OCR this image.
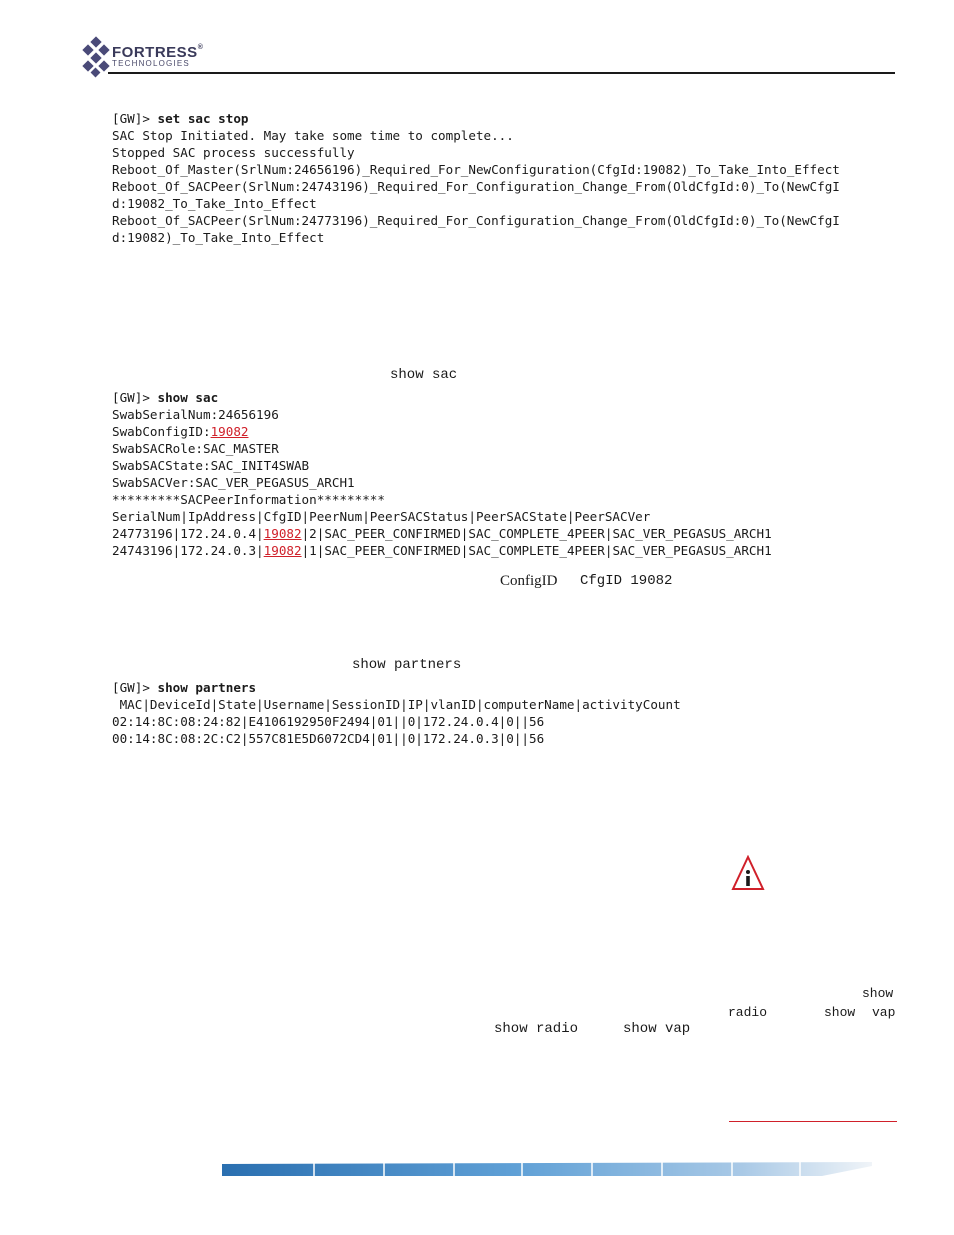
FORTRESS®
TECHNOLOGIES
[GW]> set sac stop
SAC Stop Initiated. May take some time to complete...
Stopped SAC process successfully
Reboot_Of_Master(SrlNum:24656196)_Required_For_NewConfiguration(CfgId:19082)_To_Take_Into_Effect
Reboot_Of_SACPeer(SrlNum:24743196)_Required_For_Configuration_Change_From(OldCfgId:0)_To(NewCfgI
d:19082_To_Take_Into_Effect
Reboot_Of_SACPeer(SrlNum:24773196)_Required_For_Configuration_Change_From(OldCfgId:0)_To(NewCfgI
d:19082)_To_Take_Into_Effect
show sac
[GW]> show sac
SwabSerialNum:24656196
SwabConfigID:19082
SwabSACRole:SAC_MASTER
SwabSACState:SAC_INIT4SWAB
SwabSACVer:SAC_VER_PEGASUS_ARCH1
*********SACPeerInformation*********
SerialNum|IpAddress|CfgID|PeerNum|PeerSACStatus|PeerSACState|PeerSACVer
24773196|172.24.0.4|19082|2|SAC_PEER_CONFIRMED|SAC_COMPLETE_4PEER|SAC_VER_PEGASUS_ARCH1
24743196|172.24.0.3|19082|1|SAC_PEER_CONFIRMED|SAC_COMPLETE_4PEER|SAC_VER_PEGASUS_ARCH1
ConfigID CfgID 19082
show partners
[GW]> show partners
MAC|DeviceId|State|Username|SessionID|IP|vlanID|computerName|activityCount
02:14:8C:08:24:82|E4106192950F2494|01||0|172.24.0.4|0||56
00:14:8C:08:2C:C2|557C81E5D6072CD4|01||0|172.24.0.3|0||56
show
radio	show vap
show radio	show vap
